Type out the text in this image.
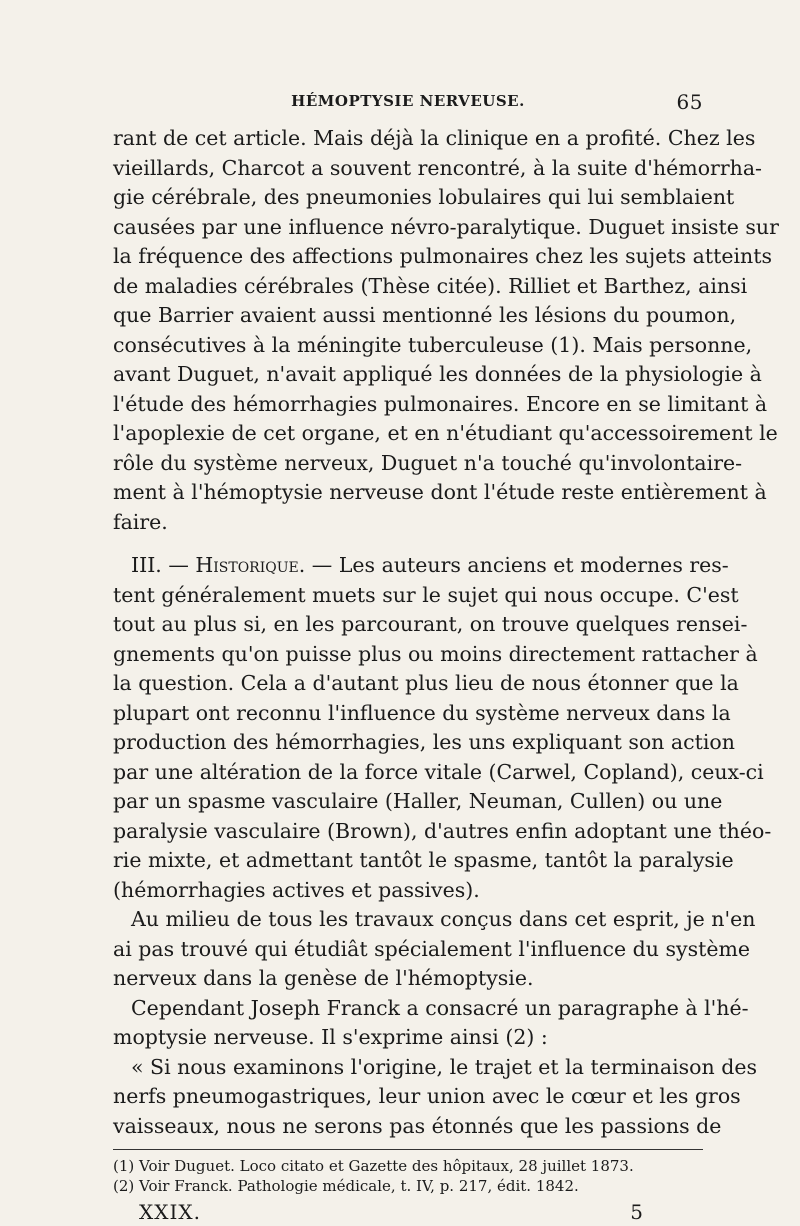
HÉMOPTYSIE NERVEUSE.	65
rant de cet article. Mais déjà la clinique en a profité. Chez les
vieillards, Charcot a souvent rencontré, à la suite d'hémorrha-
gie cérébrale, des pneumonies lobulaires qui lui semblaient
causées par une influence névro-paralytique. Duguet insiste sur
la fréquence des affections pulmonaires chez les sujets atteints
de maladies cérébrales (Thèse citée). Rilliet et Barthez, ainsi
que Barrier avaient aussi mentionné les lésions du poumon,
consécutives à la méningite tuberculeuse (1). Mais personne,
avant Duguet, n'avait appliqué les données de la physiologie à
l'étude des hémorrhagies pulmonaires. Encore en se limitant à
l'apoplexie de cet organe, et en n'étudiant qu'accessoirement le
rôle du système nerveux, Duguet n'a touché qu'involontaire-
ment à l'hémoptysie nerveuse dont l'étude reste entièrement à
faire.
III. — Historique. — Les auteurs anciens et modernes res-
tent généralement muets sur le sujet qui nous occupe. C'est
tout au plus si, en les parcourant, on trouve quelques rensei-
gnements qu'on puisse plus ou moins directement rattacher à
la question. Cela a d'autant plus lieu de nous étonner que la
plupart ont reconnu l'influence du système nerveux dans la
production des hémorrhagies, les uns expliquant son action
par une altération de la force vitale (Carwel, Copland), ceux-ci
par un spasme vasculaire (Haller, Neuman, Cullen) ou une
paralysie vasculaire (Brown), d'autres enfin adoptant une théo-
rie mixte, et admettant tantôt le spasme, tantôt la paralysie
(hémorrhagies actives et passives).
Au milieu de tous les travaux conçus dans cet esprit, je n'en
ai pas trouvé qui étudiât spécialement l'influence du système
nerveux dans la genèse de l'hémoptysie.
Cependant Joseph Franck a consacré un paragraphe à l'hé-
moptysie nerveuse. Il s'exprime ainsi (2) :
« Si nous examinons l'origine, le trajet et la terminaison des
nerfs pneumogastriques, leur union avec le cœur et les gros
vaisseaux, nous ne serons pas étonnés que les passions de
(1) Voir Duguet. Loco citato et Gazette des hôpitaux, 28 juillet 1873.
(2) Voir Franck. Pathologie médicale, t. IV, p. 217, édit. 1842.
XXIX.	5
